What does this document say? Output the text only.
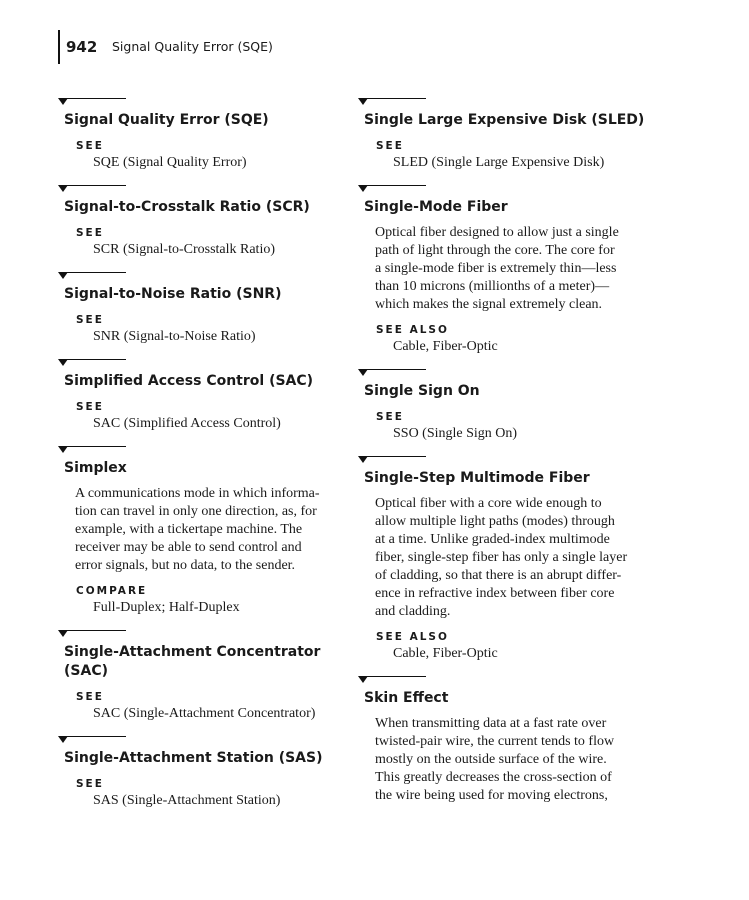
942 Signal Quality Error (SQE)
Signal Quality Error (SQE)
SEE
SQE (Signal Quality Error)
Signal-to-Crosstalk Ratio (SCR)
SEE
SCR (Signal-to-Crosstalk Ratio)
Signal-to-Noise Ratio (SNR)
SEE
SNR (Signal-to-Noise Ratio)
Simplified Access Control (SAC)
SEE
SAC (Simplified Access Control)
Simplex
A communications mode in which informa-
tion can travel in only one direction, as, for
example, with a tickertape machine. The
receiver may be able to send control and
error signals, but no data, to the sender.
COMPARE
Full-Duplex; Half-Duplex
Single-Attachment Concentrator
(SAC)
SEE
SAC (Single-Attachment Concentrator)
Single-Attachment Station (SAS)
SEE
SAS (Single-Attachment Station)
Single Large Expensive Disk (SLED)
SEE
SLED (Single Large Expensive Disk)
Single-Mode Fiber
Optical fiber designed to allow just a single
path of light through the core. The core for
a single-mode fiber is extremely thin—less
than 10 microns (millionths of a meter)—
which makes the signal extremely clean.
SEE ALSO
Cable, Fiber-Optic
Single Sign On
SEE
SSO (Single Sign On)
Single-Step Multimode Fiber
Optical fiber with a core wide enough to
allow multiple light paths (modes) through
at a time. Unlike graded-index multimode
fiber, single-step fiber has only a single layer
of cladding, so that there is an abrupt differ-
ence in refractive index between fiber core
and cladding.
SEE ALSO
Cable, Fiber-Optic
Skin Effect
When transmitting data at a fast rate over
twisted-pair wire, the current tends to flow
mostly on the outside surface of the wire.
This greatly decreases the cross-section of
the wire being used for moving electrons,
